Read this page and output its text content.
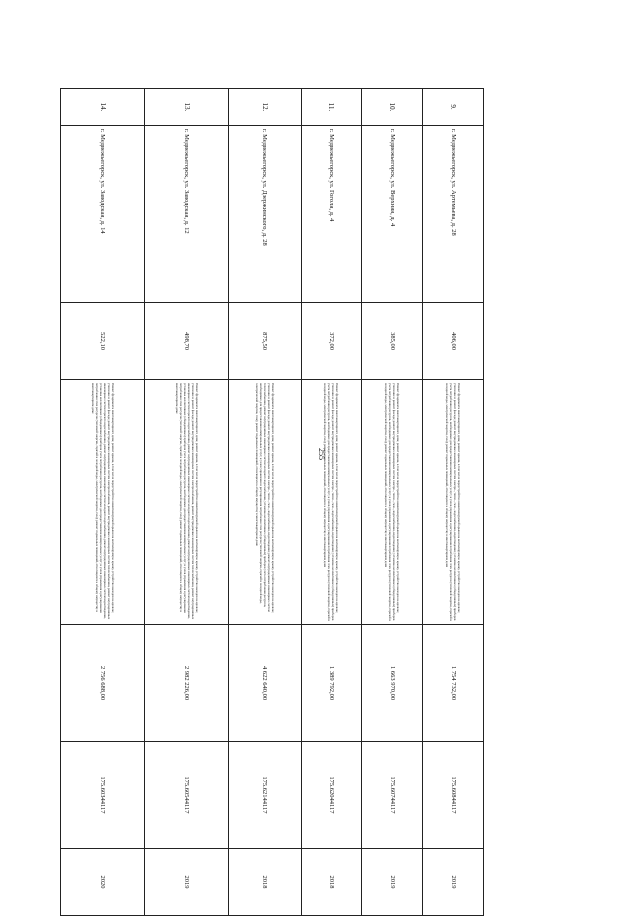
255
9.	г. Медвежьегорск, ул. Артемьева, д. 28	406,00	Ремонт фундамента многоквартирного дома; ремонт крыши, в том числе переустройство невентилируемой крыши на вентилируемую крышу, устройство выходов на кровлю; утепление и ремонт фасада; ремонт внутридомовых инженерных систем электро-, тепло-, газо-, водоснабжения, водоотведения; установка коллективных (общедомовых) приборов учета потребления ресурсов, необходимых для предоставления коммунальных услуг; и узлов управления и регулирования потребления этих ресурсов (тепловой энергии, горячей и холодной воды, электрической энергии, газа); ремонт подвальных помещений, относящихся к общему имуществу в многоквартирном доме	1 754 732,00	175.60844117	2019
10.	г. Медвежьегорск, ул. Верхняя, д. 4	385,00	Ремонт фундамента многоквартирного дома; ремонт крыши, в том числе переустройство невентилируемой крыши на вентилируемую крышу, устройство выходов на кровлю; утепление и ремонт фасада; ремонт внутридомовых инженерных систем электро-, тепло-, газо-, водоснабжения, водоотведения; установка коллективных (общедомовых) приборов учета потребления ресурсов, необходимых для предоставления коммунальных услуг; и узлов управления и регулирования потребления этих ресурсов (тепловой энергии, горячей и холодной воды, электрической энергии, газа); ремонт подвальных помещений, относящихся к общему имуществу в многоквартирном доме	1 663 970,00	175.60744117	2019
11.	г. Медвежьегорск, ул. Гоголя, д. 4	372,00	Ремонт фундамента многоквартирного дома; ремонт крыши, в том числе переустройство невентилируемой крыши на вентилируемую крышу, устройство выходов на кровлю; утепление и ремонт фасада; ремонт внутридомовых инженерных систем электро-, тепло-, газо-, водоснабжения, водоотведения; установка коллективных (общедомовых) приборов учета потребления ресурсов, необходимых для предоставления коммунальных услуг; и узлов управления и регулирования потребления этих ресурсов (тепловой энергии, горячей и холодной воды, электрической энергии, газа); ремонт подвальных помещений, относящихся к общему имуществу в многоквартирном доме	1 389 792,00	175.62044117	2018
12.	г. Медвежьегорск, ул. Дзержинского, д. 28	875,50	Ремонт фундамента многоквартирного дома; ремонт крыши, в том числе переустройство невентилируемой крыши на вентилируемую крышу, устройство выходов на кровлю; утепление и ремонт фасада; ремонт внутридомовых инженерных систем электро-, тепло-, газо-, водоснабжения, водоотведения; ремонт внутридомовых инженерных систем теплоснабжения, ремонт внутридомовых инженерных систем холодного водоснабжения, установка коллективных (общедомовых) приборов учета потребления ресурсов, необходимых для предоставления коммунальных услуг; и узлов управления и регулирования потребления этих ресурсов (тепловой энергии, горячей и холодной воды, электрической энергии, газа); ремонт подвальных помещений, относящихся к общему имуществу в многоквартирном доме	4 622 640,00	175.62144117	2018
13.	г. Медвежьегорск, ул. Заводская, д. 12	498,70	Ремонт фундамента многоквартирного дома; ремонт крыши, в том числе переустройство невентилируемой крыши на вентилируемую крышу, устройство выходов на кровлю; утепление и ремонт фасада; ремонт внутридомовых инженерных систем электроснабжения, ремонт внутридомовых инженерных систем теплоснабжения, ремонт внутридомовых инженерных систем горячего водоснабжения, ремонт внутридомовых инженерных систем холодного водоснабжения, ремонт внутридомовых инженерных систем водоотведения, установка коллективных (общедомовых) приборов учета потребления ресурсов, необходимых для предоставления коммунальных услуг; и узлов управления и регулирования потребления этих ресурсов (тепловой энергии, горячей и холодной воды, электрической энергии, газа); ремонт подвальных помещений, относящихся к общему имуществу в многоквартирном доме	2 982 226,00	175.60544117	2019
14.	г. Медвежьегорск, ул. Заводская, д. 14	522,10	Ремонт фундамента многоквартирного дома; ремонт крыши, в том числе переустройство невентилируемой крыши на вентилируемую крышу, устройство выходов на кровлю; утепление и ремонт фасада; ремонт внутридомовых инженерных систем электроснабжения, ремонт внутридомовых инженерных систем теплоснабжения, ремонт внутридомовых инженерных систем горячего водоснабжения, ремонт внутридомовых инженерных систем холодного водоснабжения, ремонт внутридомовых инженерных систем водоотведения, установка коллективных (общедомовых) приборов учета потребления ресурсов, необходимых для предоставления коммунальных услуг; и узлов управления и регулирования потребления этих ресурсов (тепловой энергии, горячей и холодной воды, электрической энергии, газа); ремонт подвальных помещений, относящихся к общему имуществу в многоквартирном доме	2 756 688,00	175.60344117	2020
